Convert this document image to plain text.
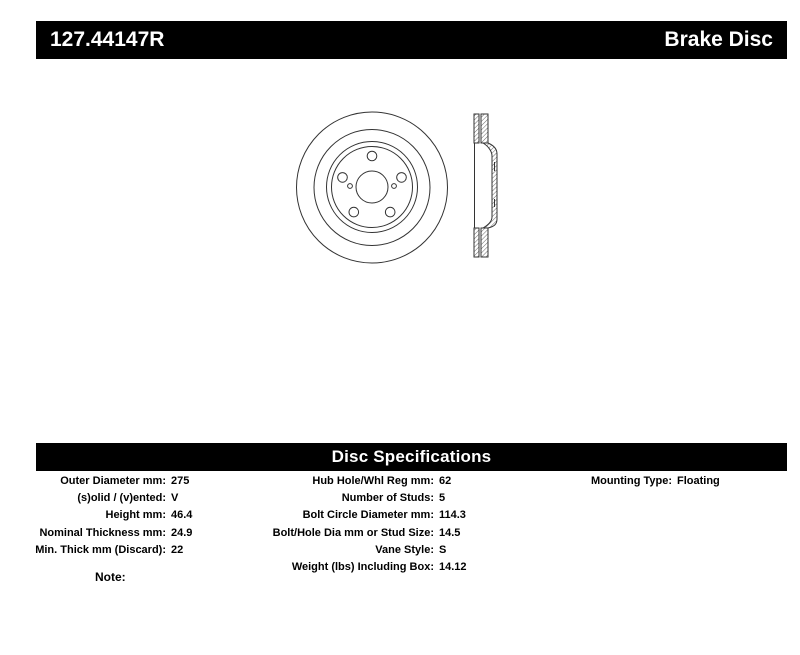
127.44147R	Brake Disc
Disc Specifications
Outer Diameter mm: 275
(s)olid / (v)ented: V
Height mm: 46.4
Nominal Thickness mm: 24.9
Min. Thick mm (Discard): 22
Hub Hole/Whl Reg mm: 62
Number of Studs: 5
Bolt Circle Diameter mm: 114.3
Bolt/Hole Dia mm or Stud Size: 14.5
Vane Style: S
Weight (lbs) Including Box: 14.12
Mounting Type: Floating
Note:
